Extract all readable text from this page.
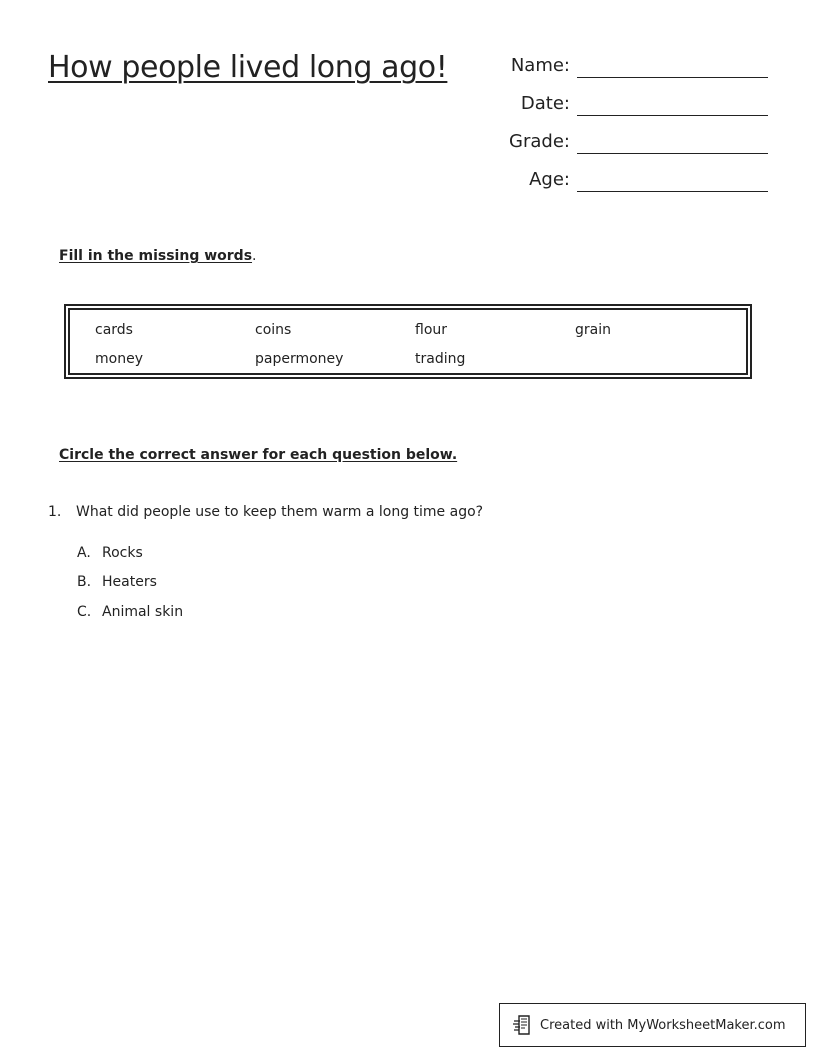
How people lived long ago!	Name:
Date:
Grade:
Age:
Fill in the missing words.
cards	coins	flour	grain
money	papermoney	trading
Circle the correct answer for each question below.
1. What did people use to keep them warm a long time ago?
A. Rocks
B. Heaters
C. Animal skin
Created with MyWorksheetMaker.com
